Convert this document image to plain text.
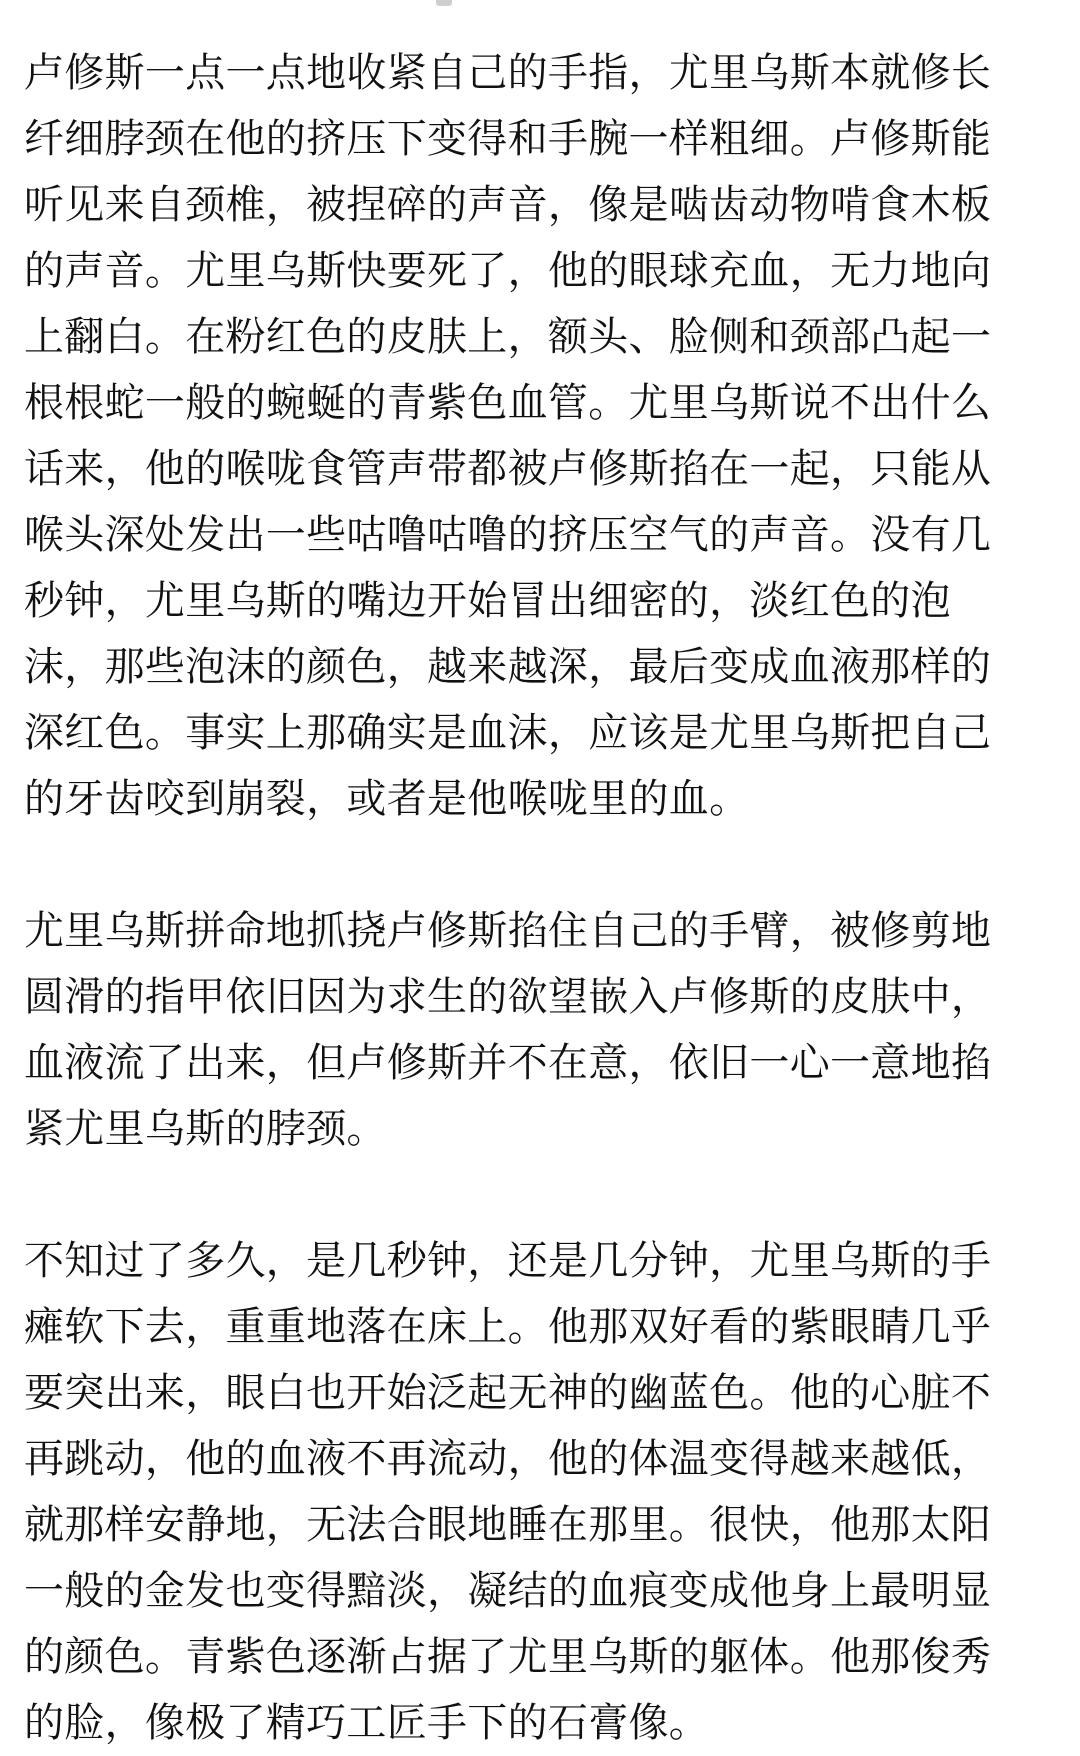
卢修斯一点一点地收紧自己的手指，尤里乌斯本就修长
纤细脖颈在他的挤压下变得和手腕一样粗细。卢修斯能
听见来自颈椎，被捏碎的声音，像是啮齿动物啃食木板
的声音。尤里乌斯快要死了，他的眼球充血，无力地向
上翻白。在粉红色的皮肤上，额头、脸侧和颈部凸起一
根根蛇一般的蜿蜒的青紫色血管。尤里乌斯说不出什么
话来，他的喉咙食管声带都被卢修斯掐在一起，只能从
喉头深处发出一些咕噜咕噜的挤压空气的声音。没有几
秒钟，尤里乌斯的嘴边开始冒出细密的，淡红色的泡
沫，那些泡沫的颜色，越来越深，最后变成血液那样的
深红色。事实上那确实是血沫，应该是尤里乌斯把自己
的牙齿咬到崩裂，或者是他喉咙里的血。
尤里乌斯拼命地抓挠卢修斯掐住自己的手臂，被修剪地
圆滑的指甲依旧因为求生的欲望嵌入卢修斯的皮肤中，
血液流了出来，但卢修斯并不在意，依旧一心一意地掐
紧尤里乌斯的脖颈。
不知过了多久，是几秒钟，还是几分钟，尤里乌斯的手
瘫软下去，重重地落在床上。他那双好看的紫眼睛几乎
要突出来，眼白也开始泛起无神的幽蓝色。他的心脏不
再跳动，他的血液不再流动，他的体温变得越来越低，
就那样安静地，无法合眼地睡在那里。很快，他那太阳
一般的金发也变得黯淡，凝结的血痕变成他身上最明显
的颜色。青紫色逐渐占据了尤里乌斯的躯体。他那俊秀
的脸，像极了精巧工匠手下的石膏像。
